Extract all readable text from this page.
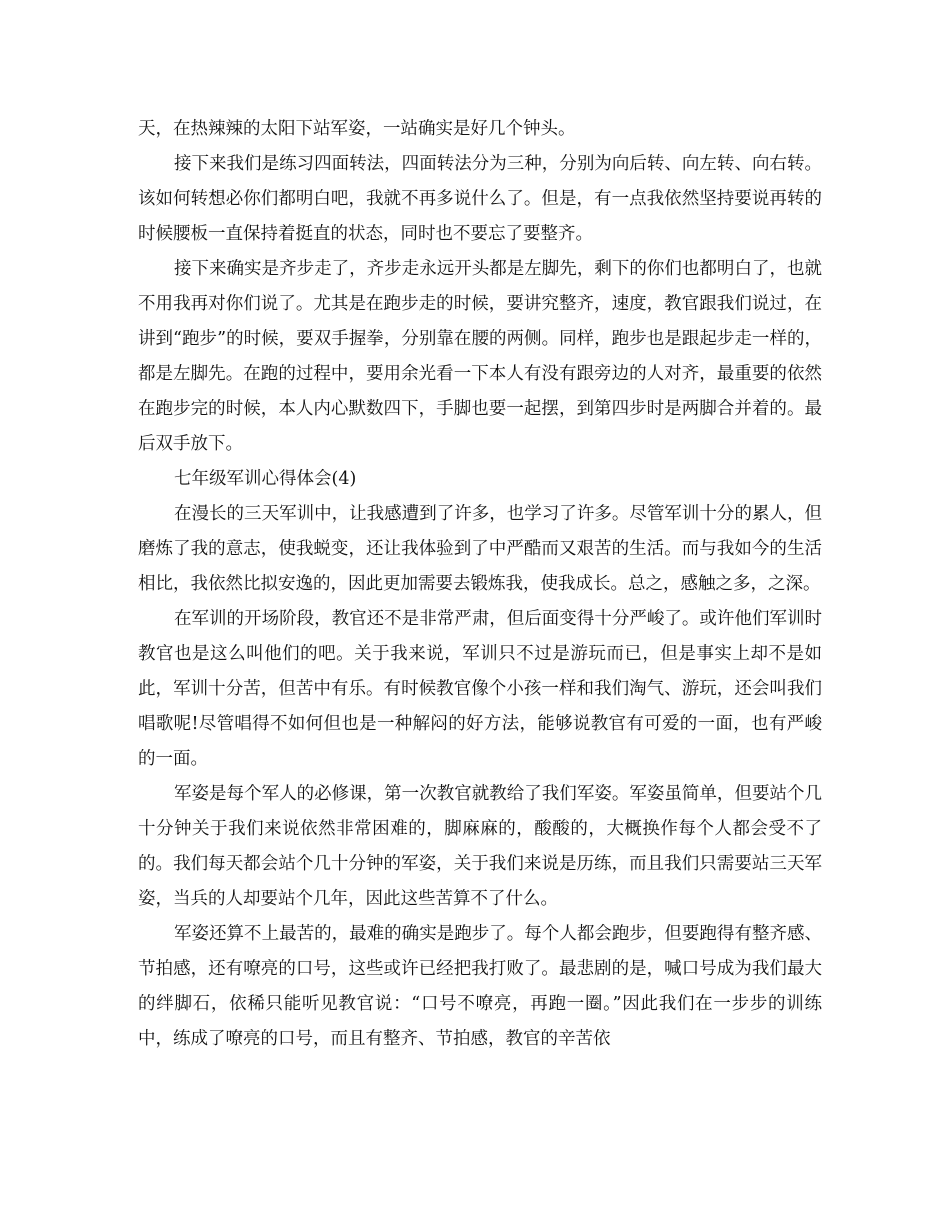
天，在热辣辣的太阳下站军姿，一站确实是好几个钟头。

接下来我们是练习四面转法，四面转法分为三种，分别为向后转、向左转、向右转。该如何转想必你们都明白吧，我就不再多说什么了。但是，有一点我依然坚持要说再转的时候腰板一直保持着挺直的状态，同时也不要忘了要整齐。

接下来确实是齐步走了，齐步走永远开头都是左脚先，剩下的你们也都明白了，也就不用我再对你们说了。尤其是在跑步走的时候，要讲究整齐，速度，教官跟我们说过，在讲到“跑步”的时候，要双手握拳，分别靠在腰的两侧。同样，跑步也是跟起步走一样的，都是左脚先。在跑的过程中，要用余光看一下本人有没有跟旁边的人对齐，最重要的依然在跑步完的时候，本人内心默数四下，手脚也要一起摆，到第四步时是两脚合并着的。最后双手放下。

七年级军训心得体会(4)

在漫长的三天军训中，让我感遭到了许多，也学习了许多。尽管军训十分的累人，但磨炼了我的意志，使我蜕变，还让我体验到了中严酷而又艰苦的生活。而与我如今的生活相比，我依然比拟安逸的，因此更加需要去锻炼我，使我成长。总之，感触之多，之深。

在军训的开场阶段，教官还不是非常严肃，但后面变得十分严峻了。或许他们军训时教官也是这么叫他们的吧。关于我来说，军训只不过是游玩而已，但是事实上却不是如此，军训十分苦，但苦中有乐。有时候教官像个小孩一样和我们淘气、游玩，还会叫我们唱歌呢!尽管唱得不如何但也是一种解闷的好方法，能够说教官有可爱的一面，也有严峻的一面。

军姿是每个军人的必修课，第一次教官就教给了我们军姿。军姿虽简单，但要站个几十分钟关于我们来说依然非常困难的，脚麻麻的，酸酸的，大概换作每个人都会受不了的。我们每天都会站个几十分钟的军姿，关于我们来说是历练，而且我们只需要站三天军姿，当兵的人却要站个几年，因此这些苦算不了什么。

军姿还算不上最苦的，最难的确实是跑步了。每个人都会跑步，但要跑得有整齐感、节拍感，还有嘹亮的口号，这些或许已经把我打败了。最悲剧的是，喊口号成为我们最大的绊脚石，依稀只能听见教官说：“口号不嘹亮，再跑一圈。”因此我们在一步步的训练中，练成了嘹亮的口号，而且有整齐、节拍感，教官的辛苦依
